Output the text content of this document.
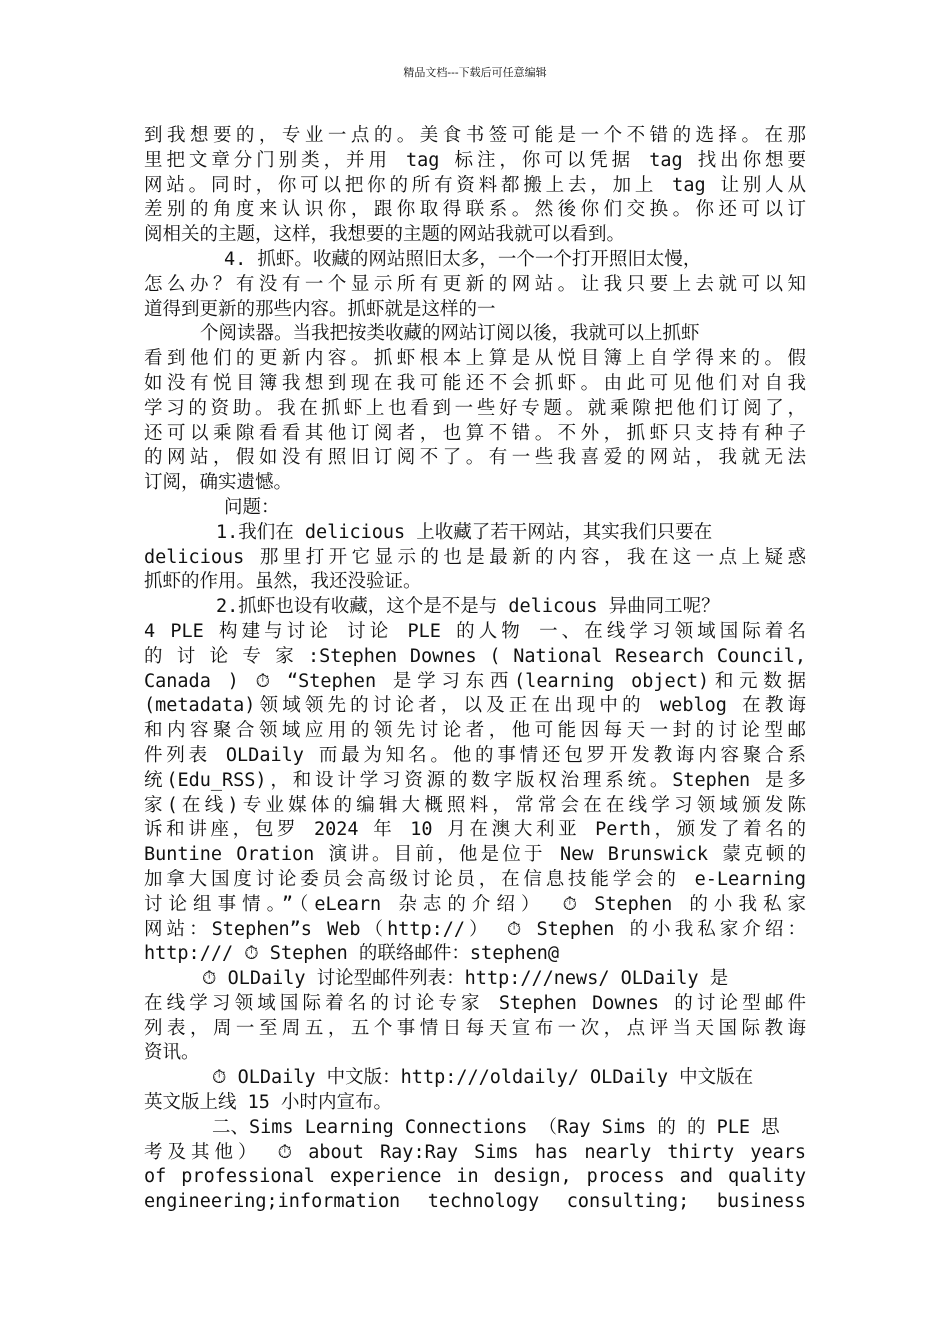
精品文档---下载后可任意编辑
到我想要的，专业一点的。美食书签可能是一个不错的选择。在那
里把文章分门别类，并用 tag 标注，你可以凭据 tag 找出你想要
网站。同时，你可以把你的所有资料都搬上去，加上 tag 让别人从
差别的角度来认识你，跟你取得联系。然後你们交换。你还可以订
阅相关的主题，这样，我想要的主题的网站我就可以看到。
4. 抓虾。收藏的网站照旧太多，一个一个打开照旧太慢，
怎么办？有没有一个显示所有更新的网站。让我只要上去就可以知
道得到更新的那些内容。抓虾就是这样的一
个阅读器。当我把按类收藏的网站订阅以後，我就可以上抓虾
看到他们的更新内容。抓虾根本上算是从悦目簿上自学得来的。假
如没有悦目簿我想到现在我可能还不会抓虾。由此可见他们对自我
学习的资助。我在抓虾上也看到一些好专题。就乘隙把他们订阅了，
还可以乘隙看看其他订阅者，也算不错。不外，抓虾只支持有种子
的网站，假如没有照旧订阅不了。有一些我喜爱的网站，我就无法
订阅，确实遗憾。
问题：
1.我们在 delicious 上收藏了若干网站，其实我们只要在
delicious 那里打开它显示的也是最新的内容，我在这一点上疑惑
抓虾的作用。虽然，我还没验证。
2.抓虾也设有收藏，这个是不是与 delicous 异曲同工呢？
4 PLE 构建与讨论 讨论 PLE 的人物 一、在线学习领域国际着名
的 讨 论 专 家 :Stephen Downes ( National Research Council,
Canada ) ⏱ “Stephen 是学习东西(learning object)和元数据
(metadata)领域领先的讨论者，以及正在出现中的 weblog 在教诲
和内容聚合领域应用的领先讨论者，他可能因每天一封的讨论型邮
件列表 OLDaily 而最为知名。他的事情还包罗开发教诲内容聚合系
统(Edu_RSS)，和设计学习资源的数字版权治理系统。Stephen 是多
家(在线)专业媒体的编辑大概照料，常常会在在线学习领域颁发陈
诉和讲座，包罗 2024 年 10 月在澳大利亚 Perth，颁发了着名的
Buntine Oration 演讲。目前，他是位于 New Brunswick 蒙克顿的
加拿大国度讨论委员会高级讨论员，在信息技能学会的 e-Learning
讨论组事情。”（eLearn 杂志的介绍） ⏱ Stephen 的小我私家
网站：Stephen”s Web（http://） ⏱ Stephen 的小我私家介绍：
http:/// ⏱ Stephen 的联络邮件：stephen@
⏱ OLDaily 讨论型邮件列表：http:///news/ OLDaily 是
在线学习领域国际着名的讨论专家 Stephen Downes 的讨论型邮件
列表，周一至周五，五个事情日每天宣布一次，点评当天国际教诲
资讯。
⏱ OLDaily 中文版：http:///oldaily/ OLDaily 中文版在
英文版上线 15 小时内宣布。
二、Sims Learning Connections （Ray Sims 的 的 PLE 思
考及其他） ⏱ about Ray:Ray Sims has nearly thirty years
of professional experience in design, process and quality
engineering;information technology consulting; business
